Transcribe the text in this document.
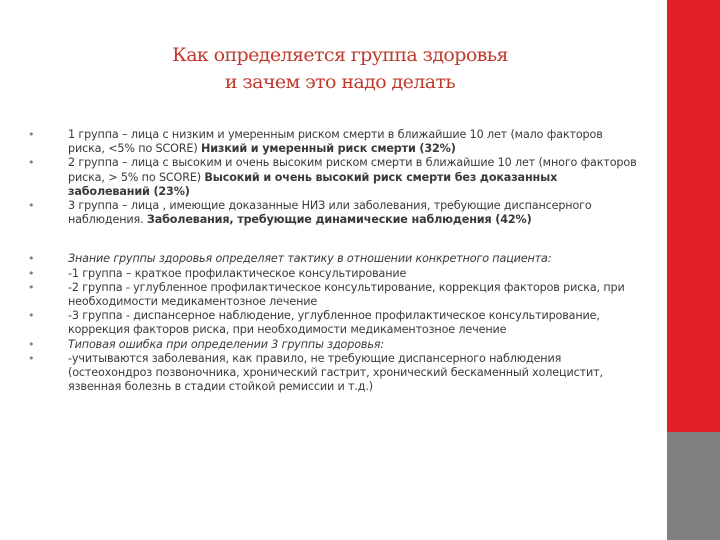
Как определяется группа здоровья
и зачем это надо делать
•	1 группа – лица с низким и умеренным риском смерти в ближайшие 10 лет (мало факторов риска, <5% по SCORE) Низкий и умеренный риск смерти (32%)
•	2 группа – лица с высоким и очень высоким риском смерти в ближайшие 10 лет (много факторов риска, > 5% по SCORE) Высокий и очень высокий риск смерти без доказанных заболеваний (23%)
•	3 группа – лица , имеющие доказанные НИЗ или заболевания, требующие диспансерного наблюдения. Заболевания, требующие динамические наблюдения (42%)
•	Знание группы здоровья определяет тактику в отношении конкретного пациента:
•	-1 группа – краткое профилактическое консультирование
•	-2 группа - углубленное профилактическое консультирование, коррекция факторов риска, при необходимости медикаментозное лечение
•	-3 группа - диспансерное наблюдение, углубленное профилактическое консультирование, коррекция факторов риска, при необходимости медикаментозное лечение
•	Типовая ошибка при определении 3 группы здоровья:
•	-учитываются заболевания, как правило, не требующие диспансерного наблюдения (остеохондроз позвоночника, хронический гастрит, хронический бескаменный холецистит, язвенная болезнь в стадии стойкой ремиссии и т.д.)
